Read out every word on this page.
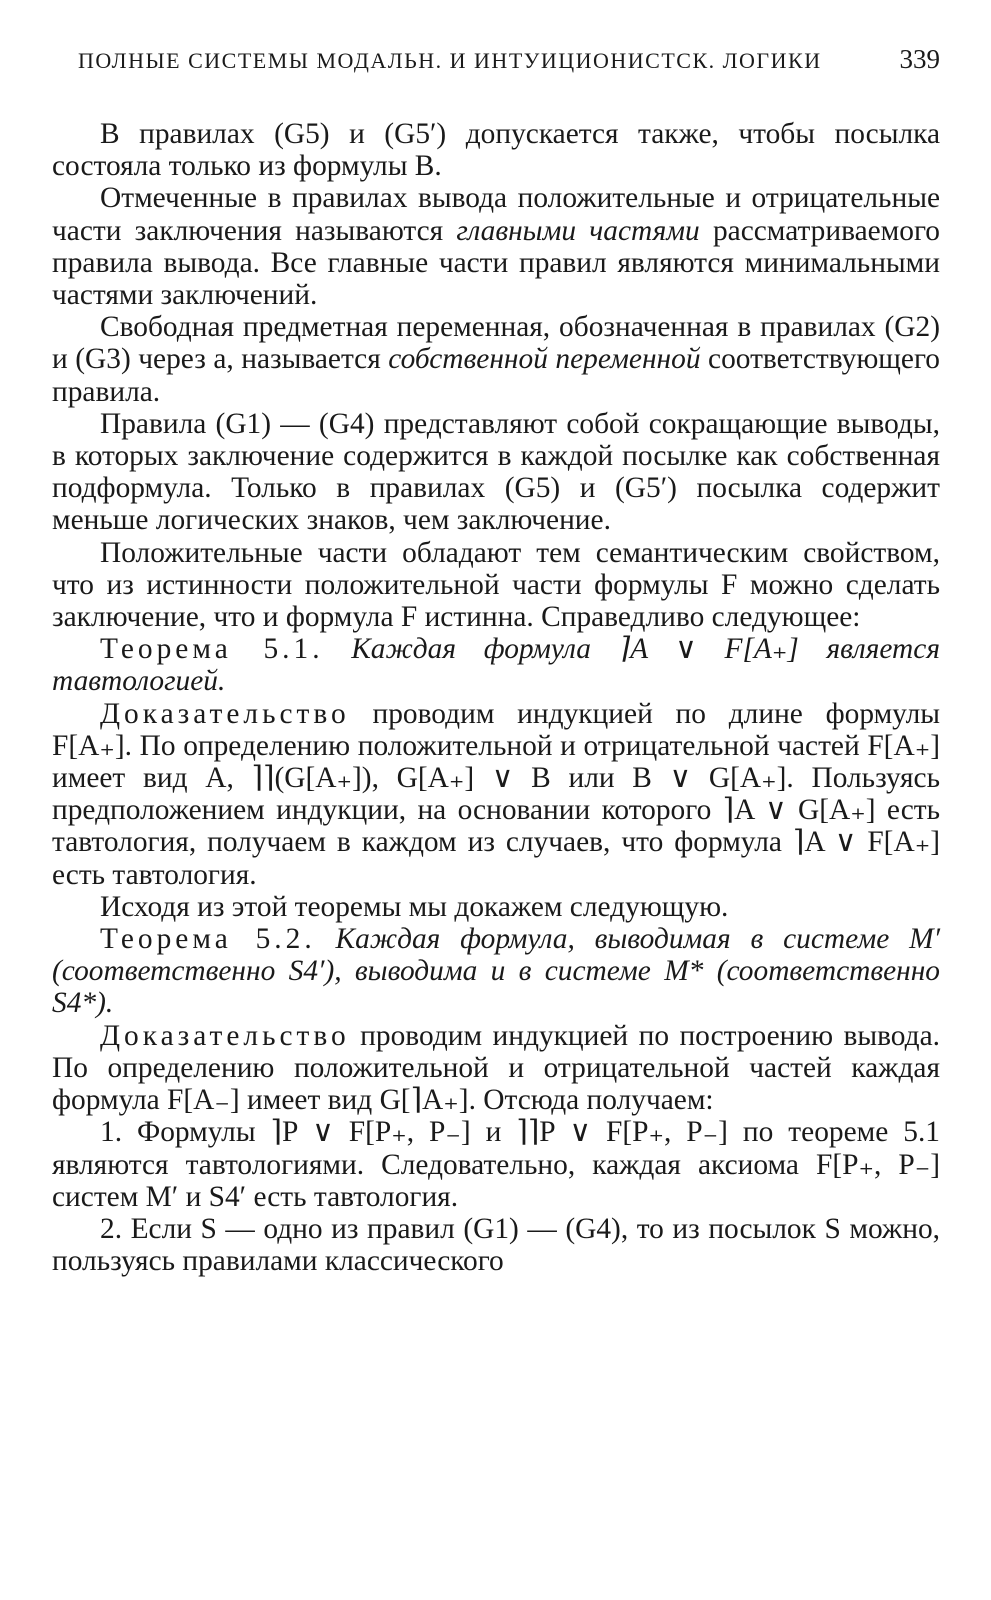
ПОЛНЫЕ СИСТЕМЫ МОДАЛЬН. И ИНТУИЦИОНИСТСК. ЛОГИКИ	339

В правилах (G5) и (G5′) допускается также, чтобы посылка состояла только из формулы B.

Отмеченные в правилах вывода положительные и отрицательные части заключения называются главными частями рассматриваемого правила вывода. Все главные части правил являются минимальными частями заключений.

Свободная предметная переменная, обозначенная в правилах (G2) и (G3) через a, называется собственной переменной соответствующего правила.

Правила (G1) — (G4) представляют собой сокращающие выводы, в которых заключение содержится в каждой посылке как собственная подформула. Только в правилах (G5) и (G5′) посылка содержит меньше логических знаков, чем заключение.

Положительные части обладают тем семантическим свойством, что из истинности положительной части формулы F можно сделать заключение, что и формула F истинна. Справедливо следующее:

Теорема 5.1. Каждая формула ⌉A ∨ F[A₊] является тавтологией.

Доказательство проводим индукцией по длине формулы F[A₊]. По определению положительной и отрицательной частей F[A₊] имеет вид A, ⌉⌉(G[A₊]), G[A₊] ∨ B или B ∨ G[A₊]. Пользуясь предположением индукции, на основании которого ⌉A ∨ G[A₊] есть тавтология, получаем в каждом из случаев, что формула ⌉A ∨ F[A₊] есть тавтология.

Исходя из этой теоремы мы докажем следующую.

Теорема 5.2. Каждая формула, выводимая в системе M′ (соответственно S4′), выводима и в системе M* (соответственно S4*).

Доказательство проводим индукцией по построению вывода. По определению положительной и отрицательной частей каждая формула F[A₋] имеет вид G[⌉A₊]. Отсюда получаем:

1. Формулы ⌉P ∨ F[P₊, P₋] и ⌉⌉P ∨ F[P₊, P₋] по теореме 5.1 являются тавтологиями. Следовательно, каждая аксиома F[P₊, P₋] систем M′ и S4′ есть тавтология.

2. Если S — одно из правил (G1) — (G4), то из посылок S можно, пользуясь правилами классического
